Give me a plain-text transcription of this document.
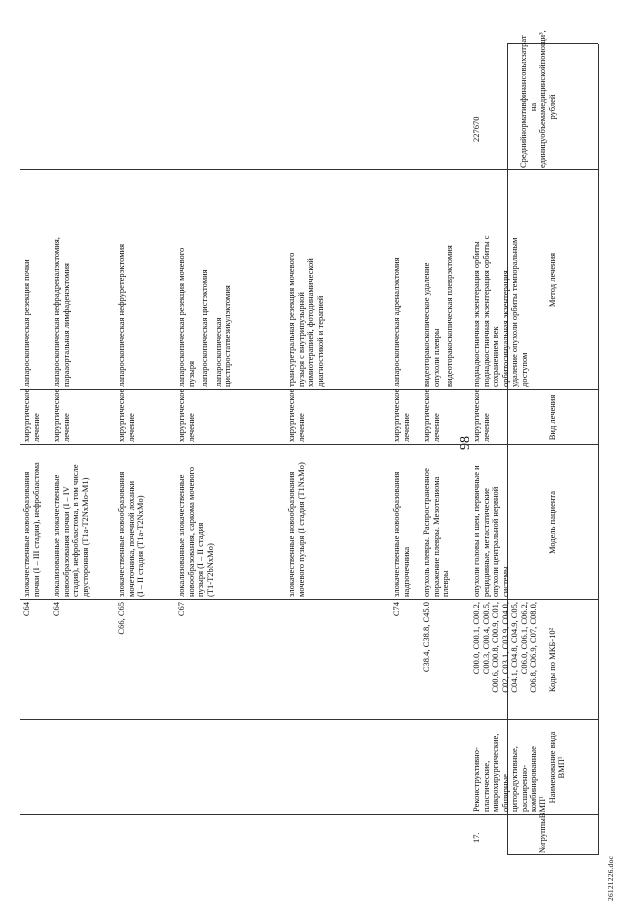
98
26121226.doc
№группыВМП¹
Наименование вида ВМП¹
Коды по МКБ-10²
Модель пациента
Вид лечения
Метод лечения
Среднийнормативфинансовыхзатрат на единицуобъемамедицинскойпомощи³, рублей
C64
злокачественные новообразования почки (I – III стадия), нефробластома
хирургическое лечение
лапароскопическая резекция почки
C64
локализованные злокачественные новообразования почки (I – IV стадия), нефробластома, в том числе двусторонняя (T1a-T2NxMo-M1)
хирургическое лечение
лапароскопическая нефрадреналэктомия, парааортальная лимфаденэктомия
C66, C65
злокачественные новообразования мочеточника, почечной лоханки (I – II стадия (T1a-T2NxMo)
хирургическое лечение
лапароскопическая нефруретерэктомия
C67
локализованные злокачественные новообразования, саркома мочевого пузыря (I – II стадия (T1-T2bNxMo)
хирургическое лечение
лапароскопическая резекция мочевого пузыря
лапароскопическая цистэктомия
лапароскопическая цистпростатвезикулэктомия
злокачественные новообразования мочевого пузыря (I стадия (T1NxMo)
хирургическое лечение
трансуретральная резекция мочевого пузыря с внутрипузырной химиотерапией, фотодинамической диагностикой и терапией
C74
злокачественные новообразования надпочечника
хирургическое лечение
лапароскопическая адреналэктомия
C38.4, C38.8, C45.0
опухоль плевры. Распространенное поражение плевры. Мезотелиома плевры
хирургическое лечение
видеоторакоскопическое удаление опухоли плевры
видеоторакоскопическая плеврэктомия
C00.0, C00.1, C00.2, C00.3, C00.4, C00.5, C00.6, C00.8, C00.9, C01, C02, C03.1, C03.9, C04.0, C04.1, C04.8, C04.9, C05, C06.0, C06.1, C06.2, C06.8, C06.9, C07, C08.0,
опухоли головы и шеи, первичные и рецидивные, метастатические опухоли центральной нервной системы
хирургическое лечение
поднадкостничная экзентерация орбиты поднадкостничная экзентерация орбиты с сохранением век орбитосинуальная экзентерация удаление опухоли орбиты темпоральным доступом
17.
Реконструктивно- пластические, микрохирургические, обширные циторедуктивные, расширенно- комбинированные
227670
